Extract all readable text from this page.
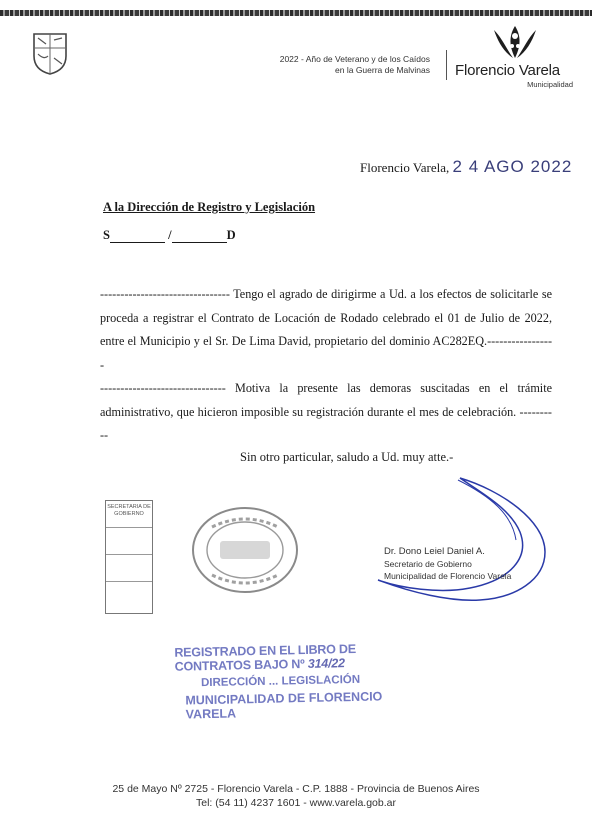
2022 - Año de Veterano y de los Caídos
en la Guerra de Malvinas Florencio Varela
Municipalidad
Florencio Varela, 2 4 AGO 2022
A la Dirección de Registro y Legislación
S	/	D

-------------------------------- Tengo el agrado de dirigirme a Ud. a los efectos de solicitarle se proceda a registrar el Contrato de Locación de Rodado celebrado el 01 de Julio de 2022, entre el Municipio y el Sr. De Lima David, propietario del dominio AC282EQ.-----------------

------------------------------- Motiva la presente las demoras suscitadas en el trámite administrativo, que hicieron imposible su registración durante el mes de celebración. ----------

Sin otro particular, saludo a Ud. muy atte.-
SECRETARIA DE GOBIERNO
Dr. Dono Leiel Daniel A.
Secretario de Gobierno
Municipalidad de Florencio Varela
REGISTRADO EN EL LIBRO DE CONTRATOS BAJO Nº 314/22
DIRECCIÓN ... LEGISLACIÓN
MUNICIPALIDAD DE FLORENCIO VARELA
25 de Mayo Nº 2725 - Florencio Varela - C.P. 1888 - Provincia de Buenos Aires
Tel: (54 11) 4237 1601 - www.varela.gob.ar
